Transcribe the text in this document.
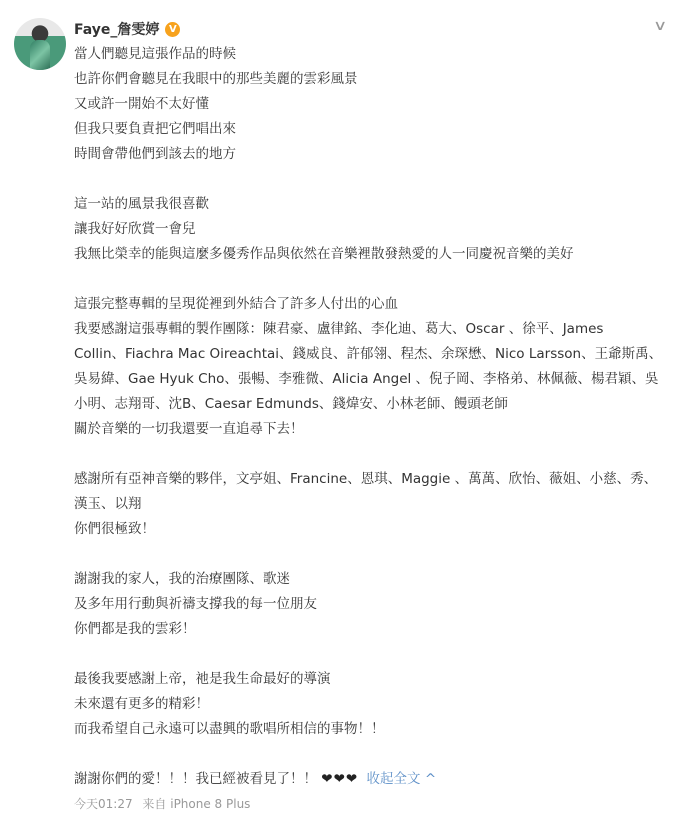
Faye_詹雯婷 V	∨
當人們聽見這張作品的時候
也許你們會聽見在我眼中的那些美麗的雲彩風景
又或許一開始不太好懂
但我只要負責把它們唱出來
時間會帶他們到該去的地方
這一站的風景我很喜歡
讓我好好欣賞一會兒
我無比榮幸的能與這麼多優秀作品與依然在音樂裡散發熱愛的人一同慶祝音樂的美好
這張完整專輯的呈現從裡到外結合了許多人付出的心血
我要感謝這張專輯的製作團隊：陳君豪、盧律銘、李化迪、葛大、Oscar 、徐平、James
Collin、Fiachra Mac Oireachtai、錢威良、許郁翎、程杰、余琛懋、Nico Larsson、王爺斯禹、
吳易緯、Gae Hyuk Cho、張暢、李雅微、Alicia Angel 、倪子岡、李格弟、林佩薇、楊君穎、吳
小明、志翔哥、沈B、Caesar Edmunds、錢煒安、小林老師、饅頭老師
關於音樂的一切我還要一直追尋下去！
感謝所有亞神音樂的夥伴，文亭姐、Francine、恩琪、Maggie 、萬萬、欣怡、薇姐、小慈、秀、
漢玉、以翔
你們很極致！
謝謝我的家人，我的治療團隊、歌迷
及多年用行動與祈禱支撐我的每一位朋友
你們都是我的雲彩！
最後我要感謝上帝，祂是我生命最好的導演
未來還有更多的精彩！
而我希望自己永遠可以盡興的歌唱所相信的事物！！
謝謝你們的愛！！！我已經被看見了！！ ❤❤❤ 收起全文 ^
今天01:27 来自 iPhone 8 Plus
